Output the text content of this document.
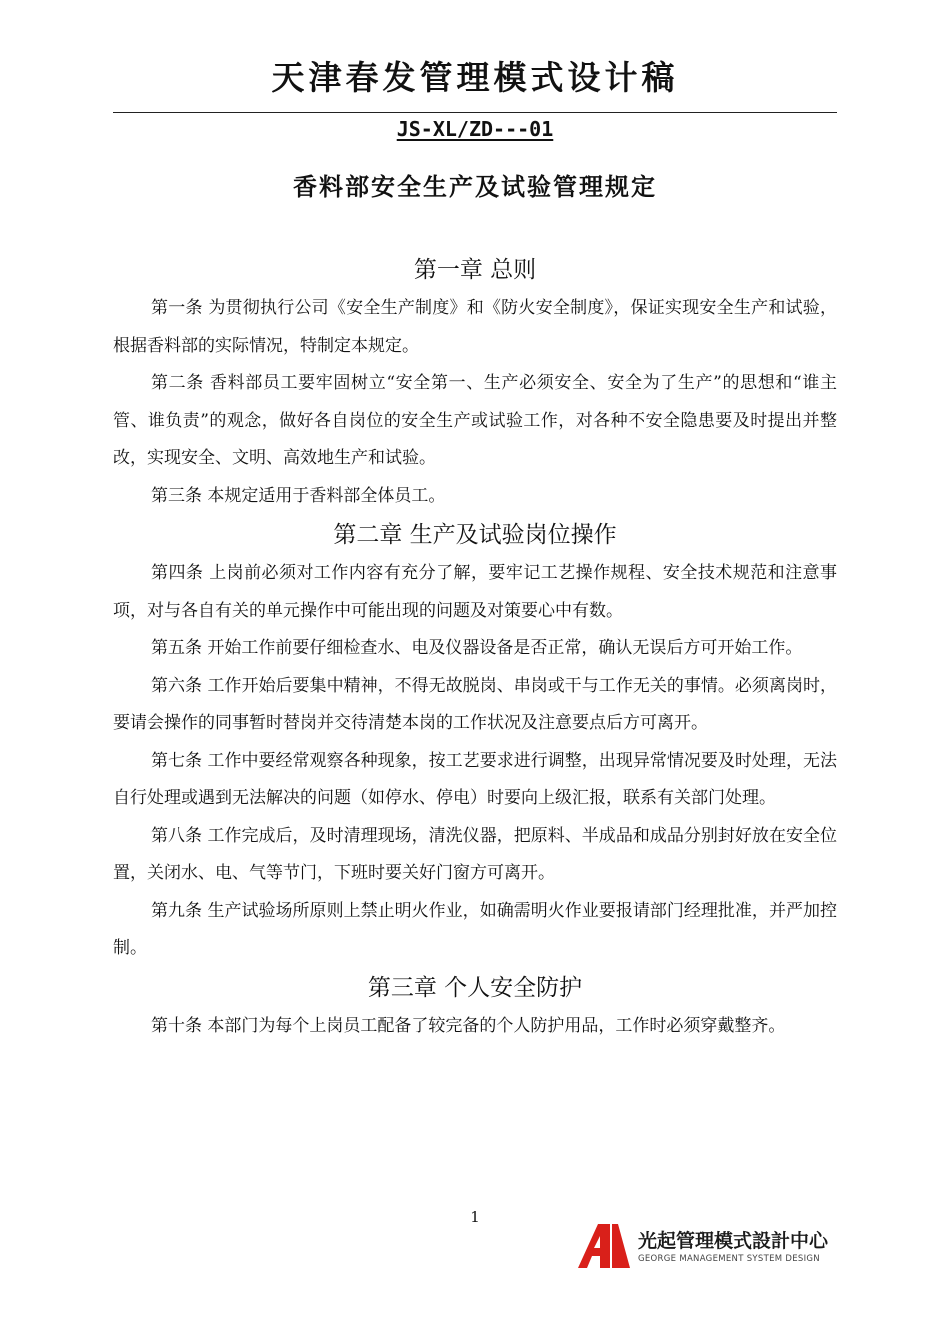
天津春发管理模式设计稿
JS-XL/ZD---01
香料部安全生产及试验管理规定
第一章 总则

第一条 为贯彻执行公司《安全生产制度》和《防火安全制度》，保证实现安全生产和试验，根据香料部的实际情况，特制定本规定。

第二条 香料部员工要牢固树立“安全第一、生产必须安全、安全为了生产”的思想和“谁主管、谁负责”的观念，做好各自岗位的安全生产或试验工作，对各种不安全隐患要及时提出并整改，实现安全、文明、高效地生产和试验。

第三条 本规定适用于香料部全体员工。

第二章 生产及试验岗位操作

第四条 上岗前必须对工作内容有充分了解，要牢记工艺操作规程、安全技术规范和注意事项，对与各自有关的单元操作中可能出现的问题及对策要心中有数。

第五条 开始工作前要仔细检查水、电及仪器设备是否正常，确认无误后方可开始工作。

第六条 工作开始后要集中精神，不得无故脱岗、串岗或干与工作无关的事情。必须离岗时，要请会操作的同事暂时替岗并交待清楚本岗的工作状况及注意要点后方可离开。

第七条 工作中要经常观察各种现象，按工艺要求进行调整，出现异常情况要及时处理，无法自行处理或遇到无法解决的问题（如停水、停电）时要向上级汇报，联系有关部门处理。

第八条 工作完成后，及时清理现场，清洗仪器，把原料、半成品和成品分别封好放在安全位置，关闭水、电、气等节门，下班时要关好门窗方可离开。

第九条 生产试验场所原则上禁止明火作业，如确需明火作业要报请部门经理批准，并严加控制。

第三章 个人安全防护

第十条 本部门为每个上岗员工配备了较完备的个人防护用品，工作时必须穿戴整齐。

1
光起管理模式設計中心
GEORGE MANAGEMENT SYSTEM DESIGN
